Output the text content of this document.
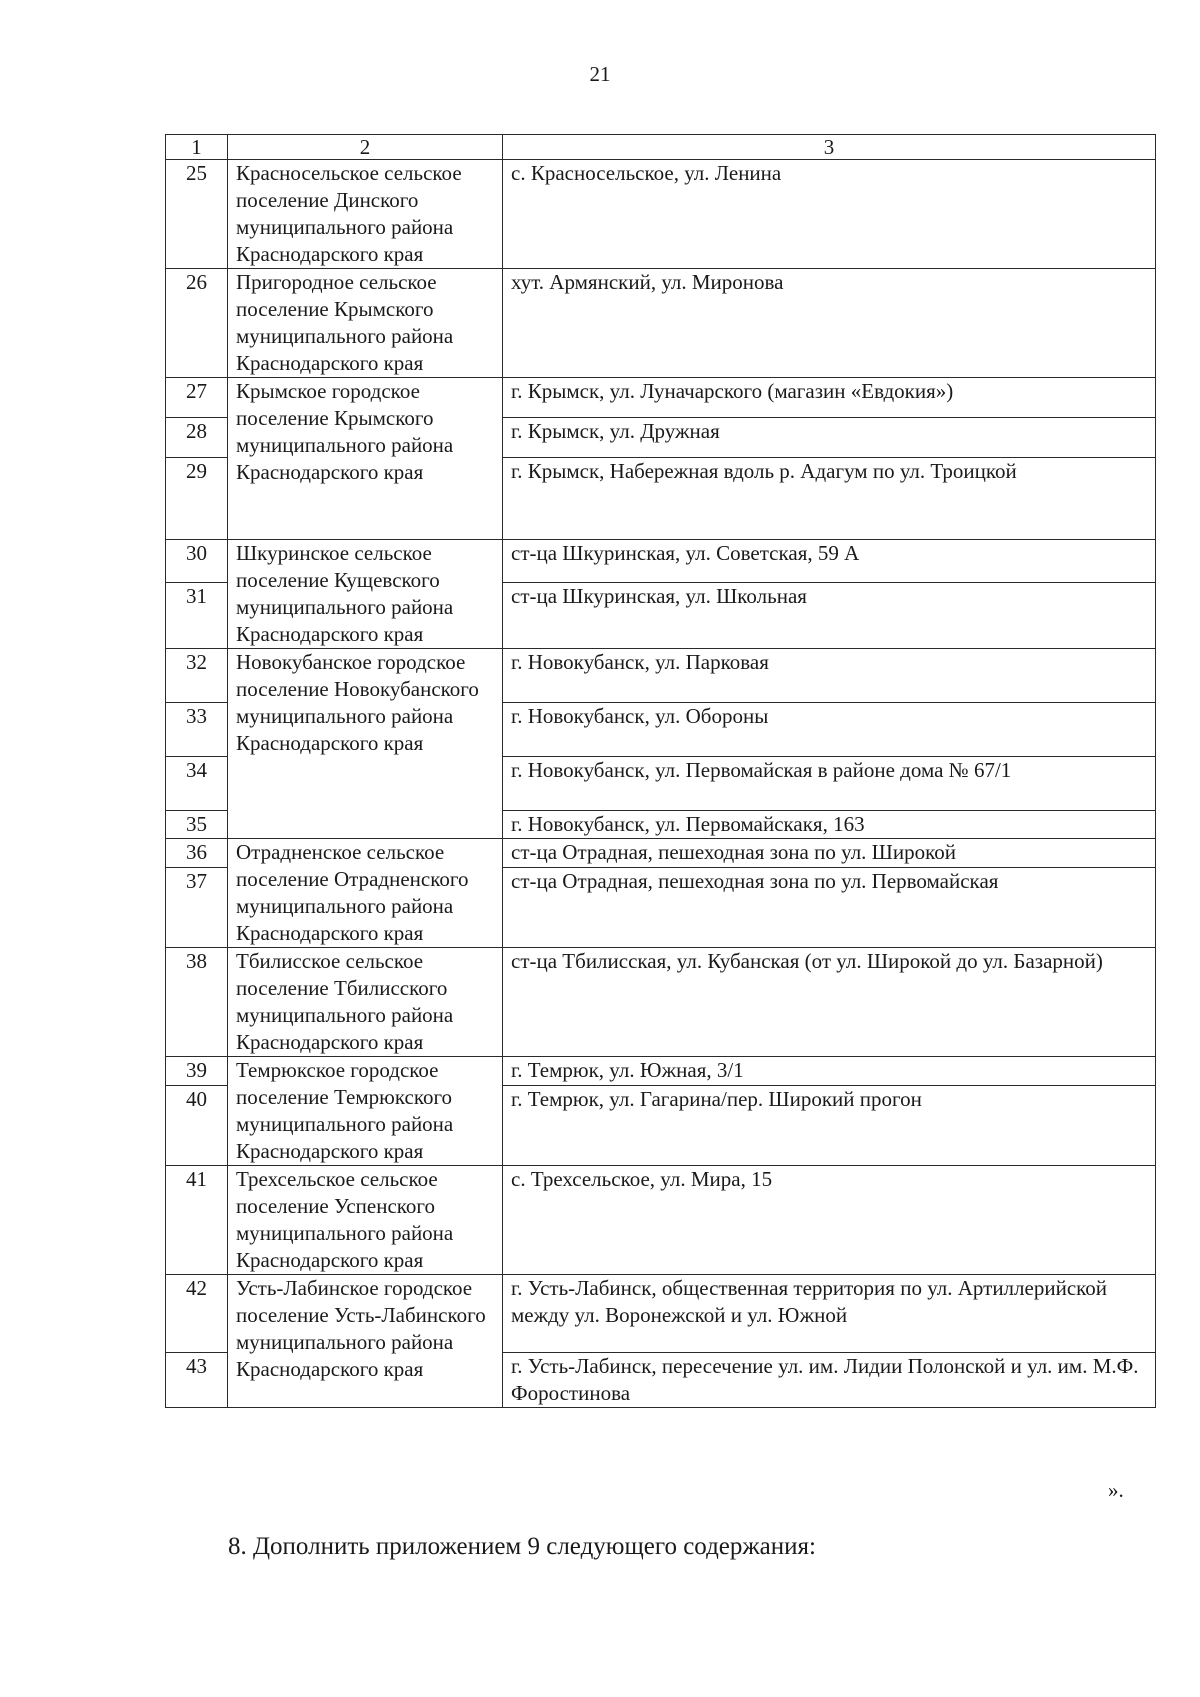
21
1	2	3
25	Красносельское сельское поселение Динского муниципального района Краснодарского края	с. Красносельское, ул. Ленина
26	Пригородное сельское поселение Крымского муниципального района Краснодарского края	хут. Армянский, ул. Миронова
27	Крымское городское поселение Крымского муниципального района Краснодарского края	г. Крымск, ул. Луначарского (магазин «Евдокия»)
28		г. Крымск, ул. Дружная
29		г. Крымск, Набережная вдоль р. Адагум по ул. Троицкой
30	Шкуринское сельское поселение Кущевского муниципального района Краснодарского края	ст-ца Шкуринская, ул. Советская, 59 А
31		ст-ца Шкуринская, ул. Школьная
32	Новокубанское городское поселение Новокубанского муниципального района Краснодарского края	г. Новокубанск, ул. Парковая
33		г. Новокубанск, ул. Обороны
34		г. Новокубанск, ул. Первомайская в районе дома № 67/1
35		г. Новокубанск, ул. Первомайскакя, 163
36	Отрадненское сельское поселение Отрадненского муниципального района Краснодарского края	ст-ца Отрадная, пешеходная зона по ул. Широкой
37		ст-ца Отрадная, пешеходная зона по ул. Первомайская
38	Тбилисское сельское поселение Тбилисского муниципального района Краснодарского края	ст-ца Тбилисская, ул. Кубанская (от ул. Широкой до ул. Базарной)
39	Темрюкское городское поселение Темрюкского муниципального района Краснодарского края	г. Темрюк, ул. Южная, 3/1
40		г. Темрюк, ул. Гагарина/пер. Широкий прогон
41	Трехсельское сельское поселение Успенского муниципального района Краснодарского края	с. Трехсельское, ул. Мира, 15
42	Усть-Лабинское городское поселение Усть-Лабинского муниципального района Краснодарского края	г. Усть-Лабинск, общественная территория по ул. Артиллерийской между ул. Воронежской и ул. Южной
43		г. Усть-Лабинск, пересечение ул. им. Лидии Полонской и ул. им. М.Ф. Форостинова
».
8. Дополнить приложением 9 следующего содержания:
